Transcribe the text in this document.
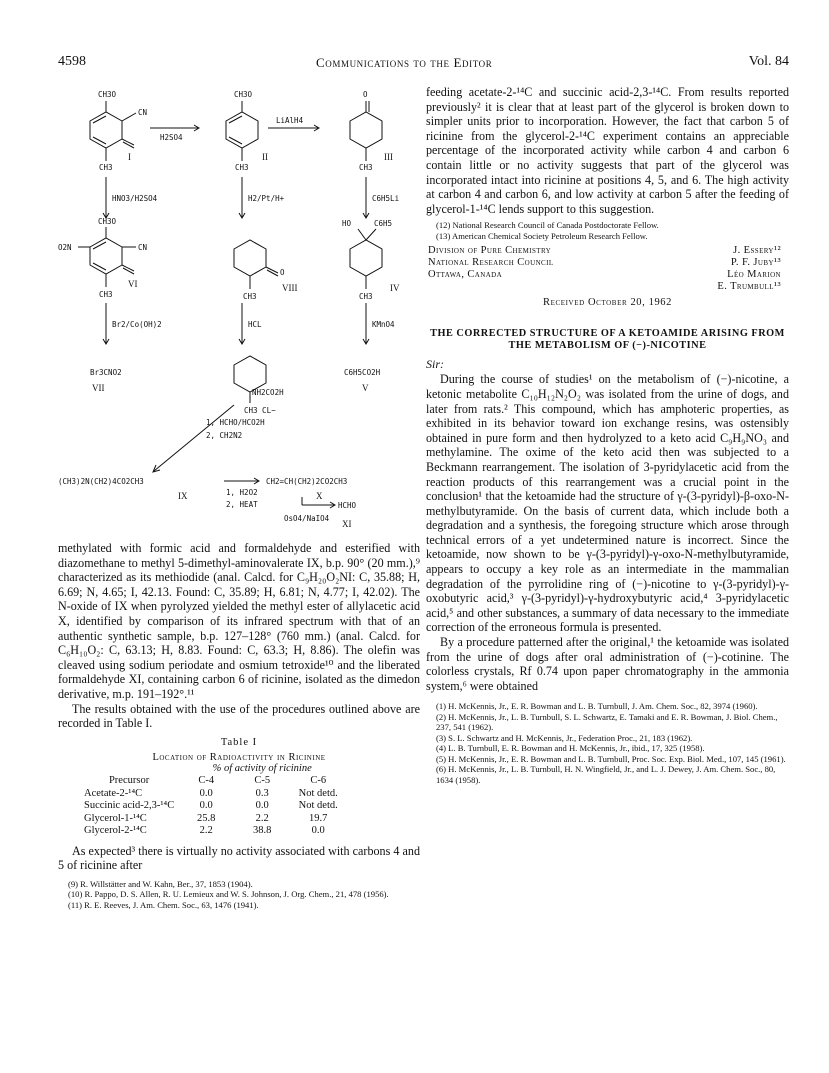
4598	Communications to the Editor	Vol. 84
CH3O
CN
CH3
I
H2SO4
CH3O
CH3
II
LiAlH4
O
CH3
III
HNO3/H2SO4	H2/Pt/H+	C6H5Li
CH3O
O2N	CN
CH3
VI
O
CH3
VIII
HO	C6H5
CH3
IV
Br2/Co(OH)2	HCL	KMnO4
Br3CNO2
VII
C6H5CO2H
V
NH2CO2H
CH3 CL−
1, HCHO/HCO2H
2, CH2N2
(CH3)2N(CH2)4CO2CH3
IX	1, H2O2
2, HEAT
CH2=CH(CH2)2CO2CH3
X
OsO4/NaIO4
HCHO
XI

methylated with formic acid and formaldehyde and esterified with diazomethane to methyl 5-dimethyl-aminovalerate IX, b.p. 90° (20 mm.),⁹ characterized as its methiodide (anal. Calcd. for C₉H₂₀O₂NI: C, 35.88; H, 6.69; N, 4.65; I, 42.13. Found: C, 35.89; H, 6.81; N, 4.77; I, 42.02). The N-oxide of IX when pyrolyzed yielded the methyl ester of allylacetic acid X, identified by comparison of its infrared spectrum with that of an authentic synthetic sample, b.p. 127–128° (760 mm.) (anal. Calcd. for C₆H₁₀O₂: C, 63.13; H, 8.83. Found: C, 63.3; H, 8.86). The olefin was cleaved using sodium periodate and osmium tetroxide¹⁰ and the liberated formaldehyde XI, containing carbon 6 of ricinine, isolated as the dimedon derivative, m.p. 191–192°.¹¹

The results obtained with the use of the procedures outlined above are recorded in Table I.

Table I
Location of Radioactivity in Ricinine
	% of activity of ricinine		
Precursor	C-4	C-5	C-6
Acetate-2-¹⁴C	0.0	0.3	Not detd.
Succinic acid-2,3-¹⁴C	0.0	0.0	Not detd.
Glycerol-1-¹⁴C	25.8	2.2	19.7
Glycerol-2-¹⁴C	2.2	38.8	0.0

As expected³ there is virtually no activity associated with carbons 4 and 5 of ricinine after

(9) R. Willstätter and W. Kahn, Ber., 37, 1853 (1904).

(10) R. Pappo, D. S. Allen, R. U. Lemieux and W. S. Johnson, J. Org. Chem., 21, 478 (1956).

(11) R. E. Reeves, J. Am. Chem. Soc., 63, 1476 (1941).

feeding acetate-2-¹⁴C and succinic acid-2,3-¹⁴C. From results reported previously² it is clear that at least part of the glycerol is broken down to simpler units prior to incorporation. However, the fact that carbon 5 of ricinine from the glycerol-2-¹⁴C experiment contains an appreciable percentage of the incorporated activity while carbon 4 and carbon 6 contain little or no activity suggests that part of the glycerol was incorporated intact into ricinine at positions 4, 5, and 6. The high activity at carbon 4 and carbon 6, and low activity at carbon 5 after the feeding of glycerol-1-¹⁴C lends support to this suggestion.

(12) National Research Council of Canada Postdoctorate Fellow.

(13) American Chemical Society Petroleum Research Fellow.

Division of Pure Chemistry	J. Essery¹²
National Research Council	P. F. Juby¹³
Ottawa, Canada	Léo Marion
E. Trumbull¹³
Received October 20, 1962
THE CORRECTED STRUCTURE OF A KETOAMIDE ARISING FROM THE METABOLISM OF (−)-NICOTINE
Sir:

During the course of studies¹ on the metabolism of (−)-nicotine, a ketonic metabolite C₁₀H₁₂N₂O₂ was isolated from the urine of dogs, and later from rats.² This compound, which has amphoteric properties, as exhibited in its behavior toward ion exchange resins, was ostensibly obtained in pure form and then hydrolyzed to a keto acid C₉H₉NO₃ and methylamine. The oxime of the keto acid then was subjected to a Beckmann rearrangement. The isolation of 3-pyridylacetic acid from the reaction products of this rearrangement was a crucial point in the conclusion¹ that the ketoamide had the structure of γ-(3-pyridyl)-β-oxo-N-methylbutyramide. On the basis of current data, which include both a degradation and a synthesis, the foregoing structure which arose through technical errors of a yet undetermined nature is incorrect. Since the ketoamide, now shown to be γ-(3-pyridyl)-γ-oxo-N-methylbutyramide, appears to occupy a key role as an intermediate in the mammalian degradation of the pyrrolidine ring of (−)-nicotine to γ-(3-pyridyl)-γ-oxobutyric acid,³ γ-(3-pyridyl)-γ-hydroxybutyric acid,⁴ 3-pyridylacetic acid,⁵ and other substances, a summary of data necessary to the immediate correction of the erroneous formula is presented.

By a procedure patterned after the original,¹ the ketoamide was isolated from the urine of dogs after oral administration of (−)-cotinine. The colorless crystals, Rf 0.74 upon paper chromatography in the ammonia system,⁶ were obtained

(1) H. McKennis, Jr., E. R. Bowman and L. B. Turnbull, J. Am. Chem. Soc., 82, 3974 (1960).

(2) H. McKennis, Jr., L. B. Turnbull, S. L. Schwartz, E. Tamaki and E. R. Bowman, J. Biol. Chem., 237, 541 (1962).

(3) S. L. Schwartz and H. McKennis, Jr., Federation Proc., 21, 183 (1962).

(4) L. B. Turnbull, E. R. Bowman and H. McKennis, Jr., ibid., 17, 325 (1958).

(5) H. McKennis, Jr., E. R. Bowman and L. B. Turnbull, Proc. Soc. Exp. Biol. Med., 107, 145 (1961).

(6) H. McKennis, Jr., L. B. Turnbull, H. N. Wingfield, Jr., and L. J. Dewey, J. Am. Chem. Soc., 80, 1634 (1958).
